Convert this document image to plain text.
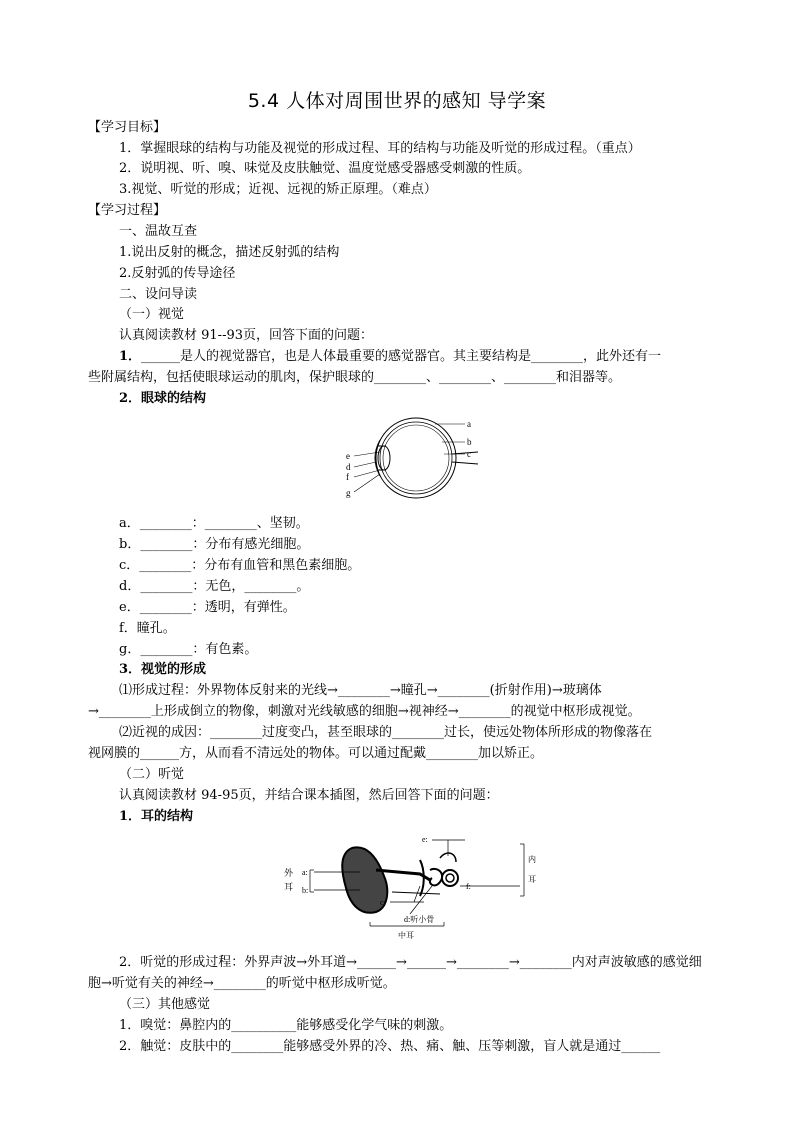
5.4 人体对周围世界的感知 导学案
【学习目标】
1．掌握眼球的结构与功能及视觉的形成过程、耳的结构与功能及听觉的形成过程。（重点）
2．说明视、听、嗅、味觉及皮肤触觉、温度觉感受器感受刺激的性质。
3.视觉、听觉的形成；近视、远视的矫正原理。（难点）
【学习过程】
一、温故互查
1.说出反射的概念，描述反射弧的结构
2.反射弧的传导途径
二、设问导读
（一）视觉
认真阅读教材 91--93页，回答下面的问题：
1．______是人的视觉器官，也是人体最重要的感觉器官。其主要结构是________，此外还有一
些附属结构，包括使眼球运动的肌肉，保护眼球的________、________、________和泪器等。
2．眼球的结构
a
b
c
e
d
f
g
a．________：________、坚韧。
b．________：分布有感光细胞。
c．________：分布有血管和黑色素细胞。
d．________：无色，________。
e．________：透明，有弹性。
f．瞳孔。
g．________：有色素。
3．视觉的形成
⑴形成过程：外界物体反射来的光线→________→瞳孔→________(折射作用)→玻璃体
→________上形成倒立的物像，刺激对光线敏感的细胞→视神经→________的视觉中枢形成视觉。
⑵近视的成因：________过度变凸，甚至眼球的________过长，使远处物体所形成的物像落在
视网膜的______方，从而看不清远处的物体。可以通过配戴________加以矫正。
（二）听觉
认真阅读教材 94-95页，并结合课本插图，然后回答下面的问题：
1．耳的结构
外
耳
a:
b:
c:
d:听小骨
e:
f:
中耳
内
耳
2．听觉的形成过程：外界声波→外耳道→______→______→________→________内对声波敏感的感觉细
胞→听觉有关的神经→________的听觉中枢形成听觉。
（三）其他感觉
1．嗅觉：鼻腔内的__________能够感受化学气味的刺激。
2．触觉：皮肤中的________能够感受外界的冷、热、痛、触、压等刺激，盲人就是通过______
